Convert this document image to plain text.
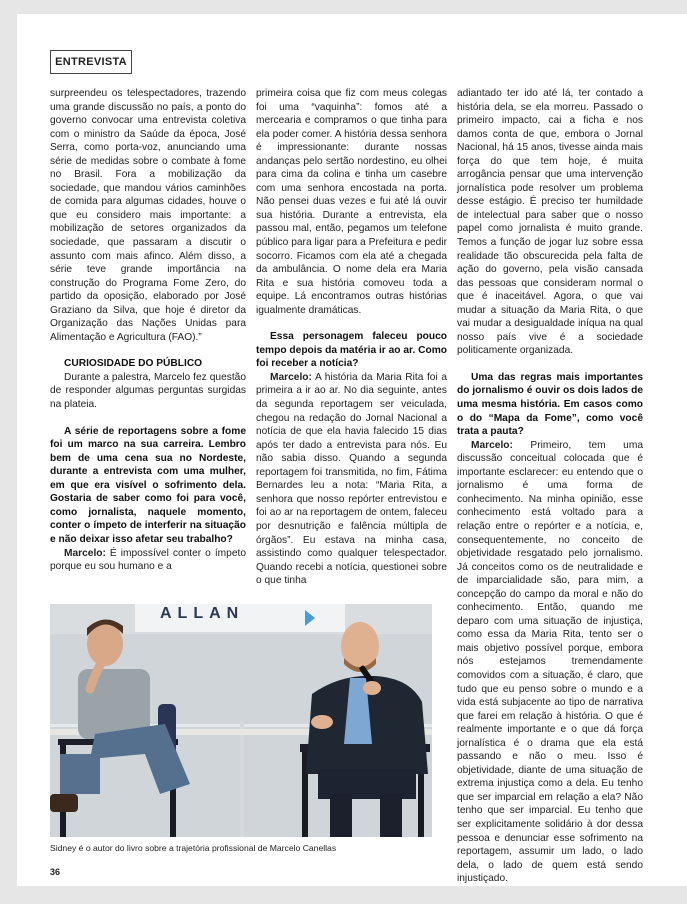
ENTREVISTA

surpreendeu os telespectadores, trazendo uma grande discussão no país, a ponto do governo convocar uma entrevista coletiva com o ministro da Saúde da época, José Serra, como porta-voz, anunciando uma série de medidas sobre o combate à fome no Brasil. Fora a mobilização da sociedade, que mandou vários caminhões de comida para algumas cidades, houve o que eu considero mais importante: a mobilização de setores organizados da sociedade, que passaram a discutir o assunto com mais afinco. Além disso, a série teve grande importância na construção do Programa Fome Zero, do partido da oposição, elaborado por José Graziano da Silva, que hoje é diretor da Organização das Nações Unidas para Alimentação e Agricultura (FAO).”

CURIOSIDADE DO PÚBLICO

Durante a palestra, Marcelo fez questão de responder algumas perguntas surgidas na plateia.

A série de reportagens sobre a fome foi um marco na sua carreira. Lembro bem de uma cena sua no Nordeste, durante a entrevista com uma mulher, em que era visível o sofrimento dela. Gostaria de saber como foi para você, como jornalista, naquele momento, conter o ímpeto de interferir na situação e não deixar isso afetar seu trabalho?

Marcelo: É impossível conter o ímpeto porque eu sou humano e a

primeira coisa que fiz com meus colegas foi uma “vaquinha”: fomos até a mercearia e compramos o que tinha para ela poder comer. A história dessa senhora é impressionante: durante nossas andanças pelo sertão nordestino, eu olhei para cima da colina e tinha um casebre com uma senhora encostada na porta. Não pensei duas vezes e fui até lá ouvir sua história. Durante a entrevista, ela passou mal, então, pegamos um telefone público para ligar para a Prefeitura e pedir socorro. Ficamos com ela até a chegada da ambulância. O nome dela era Maria Rita e sua história comoveu toda a equipe. Lá encontramos outras histórias igualmente dramáticas.

Essa personagem faleceu pouco tempo depois da matéria ir ao ar. Como foi receber a notícia?

Marcelo: A história da Maria Rita foi a primeira a ir ao ar. No dia seguinte, antes da segunda reportagem ser veiculada, chegou na redação do Jornal Nacional a notícia de que ela havia falecido 15 dias após ter dado a entrevista para nós. Eu não sabia disso. Quando a segunda reportagem foi transmitida, no fim, Fátima Bernardes leu a nota: “Maria Rita, a senhora que nosso repórter entrevistou e foi ao ar na reportagem de ontem, faleceu por desnutrição e falência múltipla de órgãos”. Eu estava na minha casa, assistindo como qualquer telespectador. Quando recebi a notícia, questionei sobre o que tinha

adiantado ter ido até lá, ter contado a história dela, se ela morreu. Passado o primeiro impacto, cai a ficha e nos damos conta de que, embora o Jornal Nacional, há 15 anos, tivesse ainda mais força do que tem hoje, é muita arrogância pensar que uma intervenção jornalística pode resolver um problema desse estágio. É preciso ter humildade de intelectual para saber que o nosso papel como jornalista é muito grande. Temos a função de jogar luz sobre essa realidade tão obscurecida pela falta de ação do governo, pela visão cansada das pessoas que consideram normal o que é inaceitável. Agora, o que vai mudar a situação da Maria Rita, o que vai mudar a desigualdade iníqua na qual nosso país vive é a sociedade politicamente organizada.

Uma das regras mais importantes do jornalismo é ouvir os dois lados de uma mesma história. Em casos como o do “Mapa da Fome”, como você trata a pauta?

Marcelo: Primeiro, tem uma discussão conceitual colocada que é importante esclarecer: eu entendo que o jornalismo é uma forma de conhecimento. Na minha opinião, esse conhecimento está voltado para a relação entre o repórter e a notícia, e, consequentemente, no conceito de objetividade resgatado pelo jornalismo. Já conceitos como os de neutralidade e de imparcialidade são, para mim, a concepção do campo da moral e não do conhecimento. Então, quando me deparo com uma situação de injustiça, como essa da Maria Rita, tento ser o mais objetivo possível porque, embora nós estejamos tremendamente comovidos com a situação, é claro, que tudo que eu penso sobre o mundo e a vida está subjacente ao tipo de narrativa que farei em relação à história. O que é realmente importante e o que dá força jornalística é o drama que ela está passando e não o meu. Isso é objetividade, diante de uma situação de extrema injustiça como a dela. Eu tenho que ser imparcial em relação a ela? Não tenho que ser imparcial. Eu tenho que ser explicitamente solidário à dor dessa pessoa e denunciar esse sofrimento na reportagem, assumir um lado, o lado dela, o lado de quem está sendo injustiçado.

ALLAN
Sidney é o autor do livro sobre a trajetória profissional de Marcelo Canellas
36
